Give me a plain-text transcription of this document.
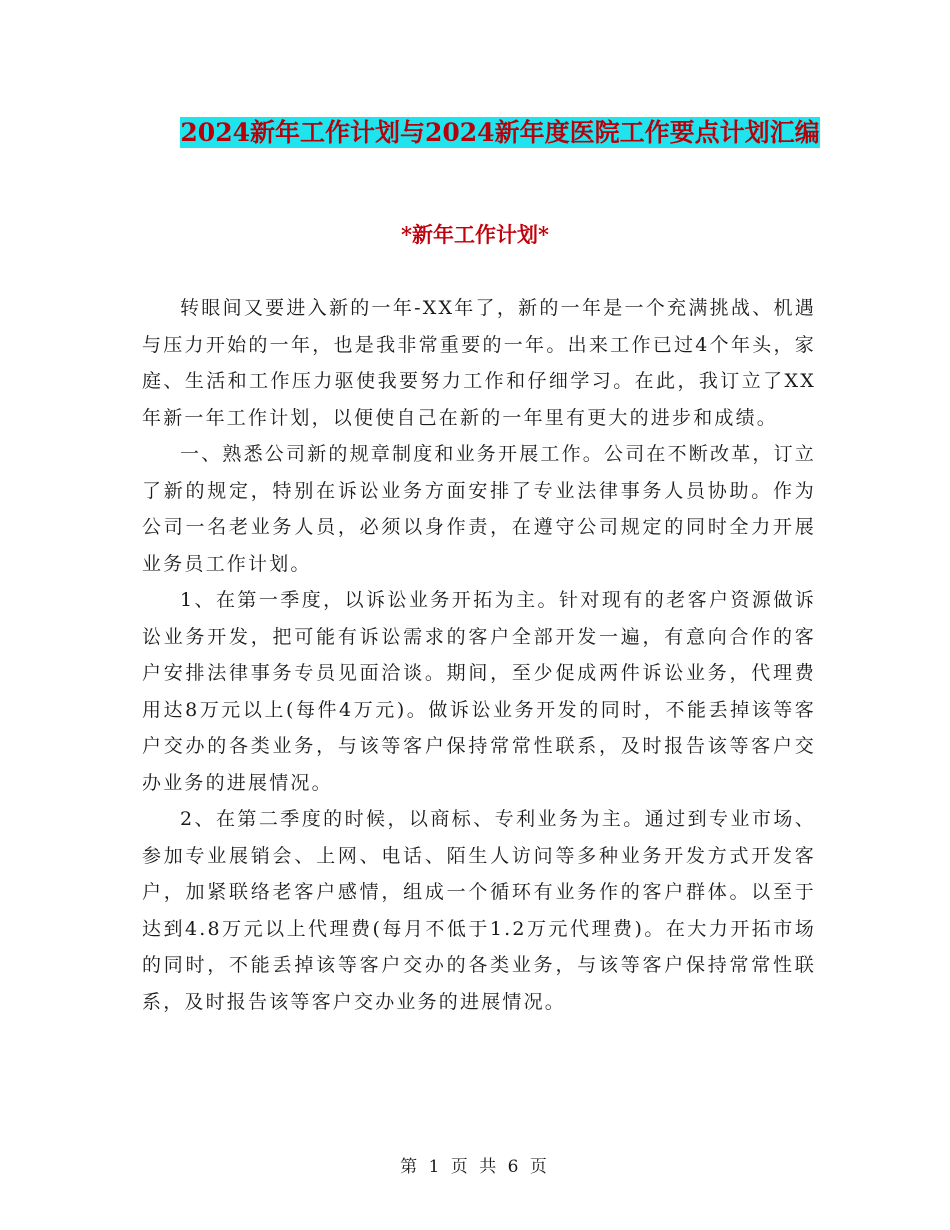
2024新年工作计划与2024新年度医院工作要点计划汇编
*新年工作计划*

转眼间又要进入新的一年-XX年了，新的一年是一个充满挑战、机遇与压力开始的一年，也是我非常重要的一年。出来工作已过4个年头，家庭、生活和工作压力驱使我要努力工作和仔细学习。在此，我订立了XX年新一年工作计划，以便使自己在新的一年里有更大的进步和成绩。

一、熟悉公司新的规章制度和业务开展工作。公司在不断改革，订立了新的规定，特别在诉讼业务方面安排了专业法律事务人员协助。作为公司一名老业务人员，必须以身作责，在遵守公司规定的同时全力开展业务员工作计划。

1、在第一季度，以诉讼业务开拓为主。针对现有的老客户资源做诉讼业务开发，把可能有诉讼需求的客户全部开发一遍，有意向合作的客户安排法律事务专员见面洽谈。期间，至少促成两件诉讼业务，代理费用达8万元以上(每件4万元)。做诉讼业务开发的同时，不能丢掉该等客户交办的各类业务，与该等客户保持常常性联系，及时报告该等客户交办业务的进展情况。

2、在第二季度的时候，以商标、专利业务为主。通过到专业市场、参加专业展销会、上网、电话、陌生人访问等多种业务开发方式开发客户，加紧联络老客户感情，组成一个循环有业务作的客户群体。以至于达到4.8万元以上代理费(每月不低于1.2万元代理费)。在大力开拓市场的同时，不能丢掉该等客户交办的各类业务，与该等客户保持常常性联系，及时报告该等客户交办业务的进展情况。

第 1 页 共 6 页
